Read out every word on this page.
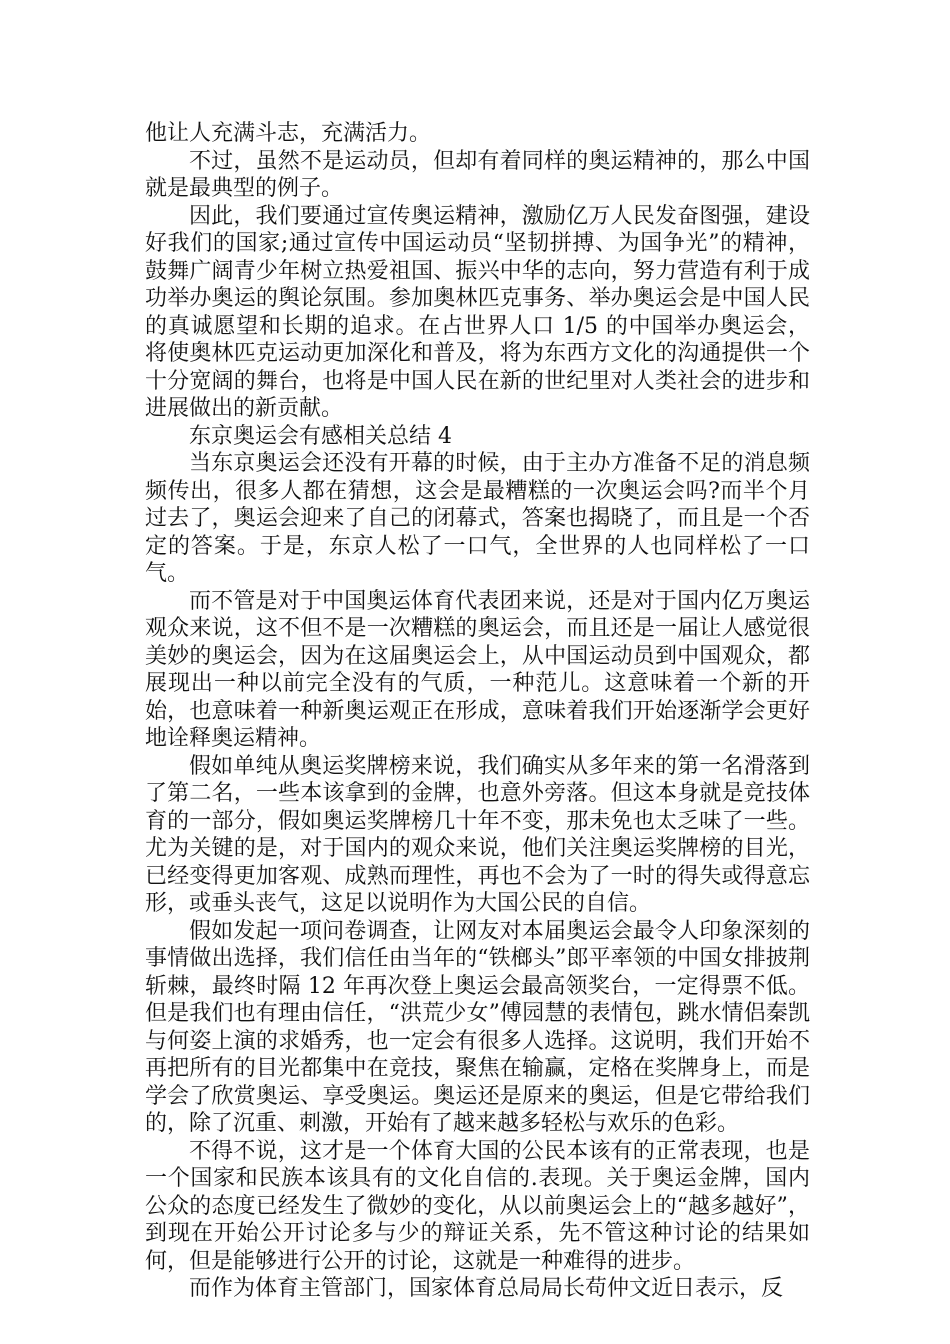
他让人充满斗志，充满活力。

不过，虽然不是运动员，但却有着同样的奥运精神的，那么中国就是最典型的例子。

因此，我们要通过宣传奥运精神，激励亿万人民发奋图强，建设好我们的国家;通过宣传中国运动员“坚韧拼搏、为国争光”的精神，鼓舞广阔青少年树立热爱祖国、振兴中华的志向，努力营造有利于成功举办奥运的舆论氛围。参加奥林匹克事务、举办奥运会是中国人民的真诚愿望和长期的追求。在占世界人口 1/5 的中国举办奥运会，将使奥林匹克运动更加深化和普及，将为东西方文化的沟通提供一个十分宽阔的舞台，也将是中国人民在新的世纪里对人类社会的进步和进展做出的新贡献。

东京奥运会有感相关总结 4

当东京奥运会还没有开幕的时候，由于主办方准备不足的消息频频传出，很多人都在猜想，这会是最糟糕的一次奥运会吗?而半个月过去了，奥运会迎来了自己的闭幕式，答案也揭晓了，而且是一个否定的答案。于是，东京人松了一口气，全世界的人也同样松了一口气。

而不管是对于中国奥运体育代表团来说，还是对于国内亿万奥运观众来说，这不但不是一次糟糕的奥运会，而且还是一届让人感觉很美妙的奥运会，因为在这届奥运会上，从中国运动员到中国观众，都展现出一种以前完全没有的气质，一种范儿。这意味着一个新的开始，也意味着一种新奥运观正在形成，意味着我们开始逐渐学会更好地诠释奥运精神。

假如单纯从奥运奖牌榜来说，我们确实从多年来的第一名滑落到了第二名，一些本该拿到的金牌，也意外旁落。但这本身就是竞技体育的一部分，假如奥运奖牌榜几十年不变，那未免也太乏味了一些。尤为关键的是，对于国内的观众来说，他们关注奥运奖牌榜的目光，已经变得更加客观、成熟而理性，再也不会为了一时的得失或得意忘形，或垂头丧气，这足以说明作为大国公民的自信。

假如发起一项问卷调查，让网友对本届奥运会最令人印象深刻的事情做出选择，我们信任由当年的“铁榔头”郎平率领的中国女排披荆斩棘，最终时隔 12 年再次登上奥运会最高领奖台，一定得票不低。但是我们也有理由信任，“洪荒少女”傅园慧的表情包，跳水情侣秦凯与何姿上演的求婚秀，也一定会有很多人选择。这说明，我们开始不再把所有的目光都集中在竞技，聚焦在输赢，定格在奖牌身上，而是学会了欣赏奥运、享受奥运。奥运还是原来的奥运，但是它带给我们的，除了沉重、刺激，开始有了越来越多轻松与欢乐的色彩。

不得不说，这才是一个体育大国的公民本该有的正常表现，也是一个国家和民族本该具有的文化自信的.表现。关于奥运金牌，国内公众的态度已经发生了微妙的变化，从以前奥运会上的“越多越好”，到现在开始公开讨论多与少的辩证关系，先不管这种讨论的结果如何，但是能够进行公开的讨论，这就是一种难得的进步。

而作为体育主管部门，国家体育总局局长苟仲文近日表示，反
